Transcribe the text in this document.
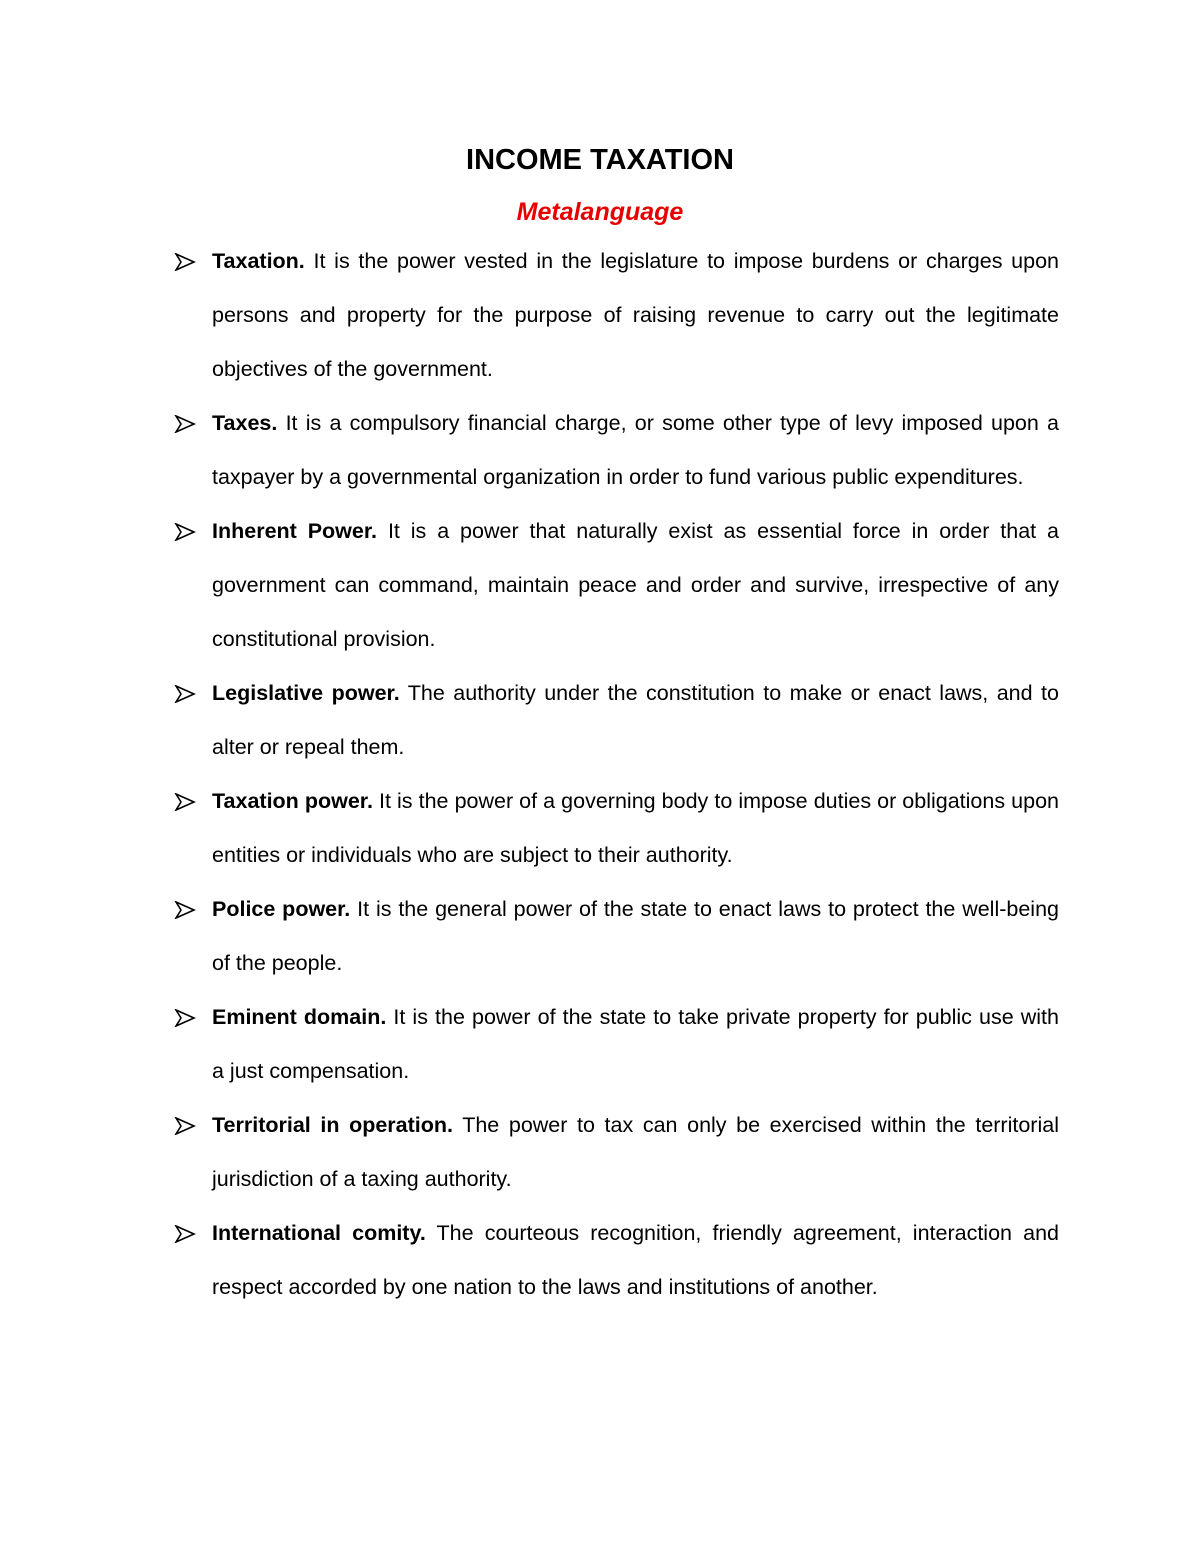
INCOME TAXATION
Metalanguage

Taxation. It is the power vested in the legislature to impose burdens or charges upon persons and property for the purpose of raising revenue to carry out the legitimate objectives of the government.

Taxes. It is a compulsory financial charge, or some other type of levy imposed upon a taxpayer by a governmental organization in order to fund various public expenditures.

Inherent Power. It is a power that naturally exist as essential force in order that a government can command, maintain peace and order and survive, irrespective of any constitutional provision.

Legislative power. The authority under the constitution to make or enact laws, and to alter or repeal them.

Taxation power. It is the power of a governing body to impose duties or obligations upon entities or individuals who are subject to their authority.

Police power. It is the general power of the state to enact laws to protect the well-being of the people.

Eminent domain. It is the power of the state to take private property for public use with a just compensation.

Territorial in operation. The power to tax can only be exercised within the territorial jurisdiction of a taxing authority.

International comity. The courteous recognition, friendly agreement, interaction and respect accorded by one nation to the laws and institutions of another.
